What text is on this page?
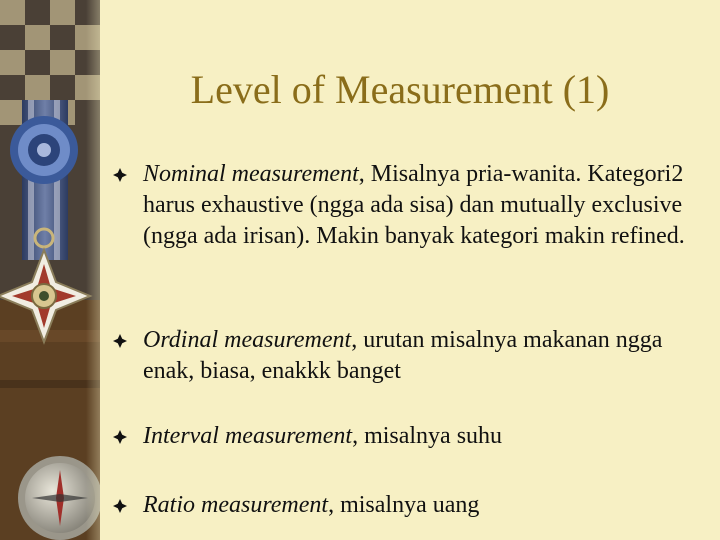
Level of Measurement (1)
Nominal measurement, Misalnya pria-wanita. Kategori2 harus exhaustive (ngga ada sisa) dan mutually exclusive (ngga ada irisan). Makin banyak kategori makin refined.
Ordinal measurement, urutan misalnya makanan ngga enak, biasa, enakkk banget
Interval measurement, misalnya suhu
Ratio measurement, misalnya uang
